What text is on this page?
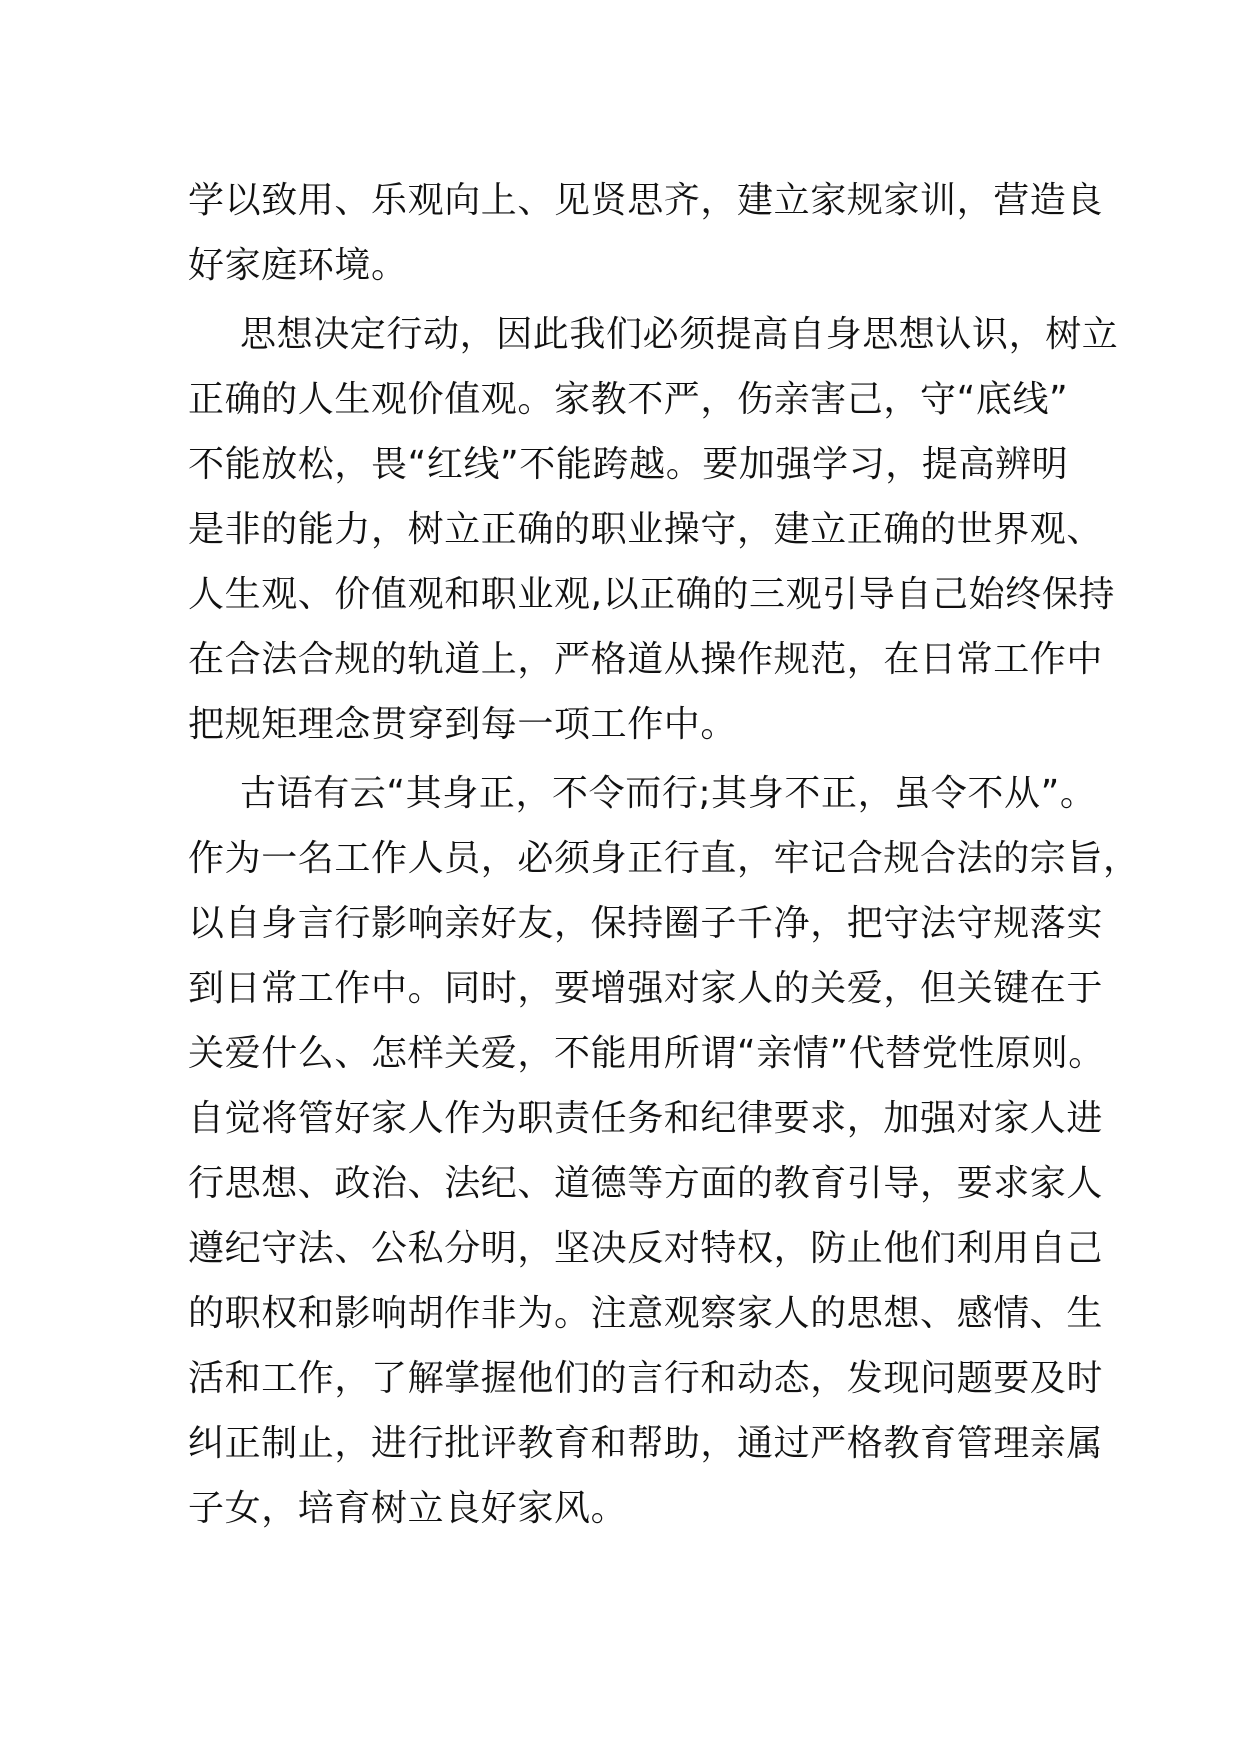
学以致用、乐观向上、见贤思齐，建立家规家训，营造良
好家庭环境。
思想决定行动，因此我们必须提高自身思想认识，树立
正确的人生观价值观。家教不严，伤亲害己，守“底线”
不能放松，畏“红线”不能跨越。要加强学习，提高辨明
是非的能力，树立正确的职业操守，建立正确的世界观、
人生观、价值观和职业观,以正确的三观引导自己始终保持
在合法合规的轨道上，严格道从操作规范，在日常工作中
把规矩理念贯穿到每一项工作中。
古语有云“其身正，不令而行;其身不正，虽令不从”。
作为一名工作人员，必须身正行直，牢记合规合法的宗旨，
以自身言行影响亲好友，保持圈子千净，把守法守规落实
到日常工作中。同时，要增强对家人的关爱，但关键在于
关爱什么、怎样关爱，不能用所谓“亲情”代替党性原则。
自觉将管好家人作为职责任务和纪律要求，加强对家人进
行思想、政治、法纪、道德等方面的教育引导，要求家人
遵纪守法、公私分明，坚决反对特权，防止他们利用自己
的职权和影响胡作非为。注意观察家人的思想、感情、生
活和工作，了解掌握他们的言行和动态，发现问题要及时
纠正制止，进行批评教育和帮助，通过严格教育管理亲属
子女，培育树立良好家风。
